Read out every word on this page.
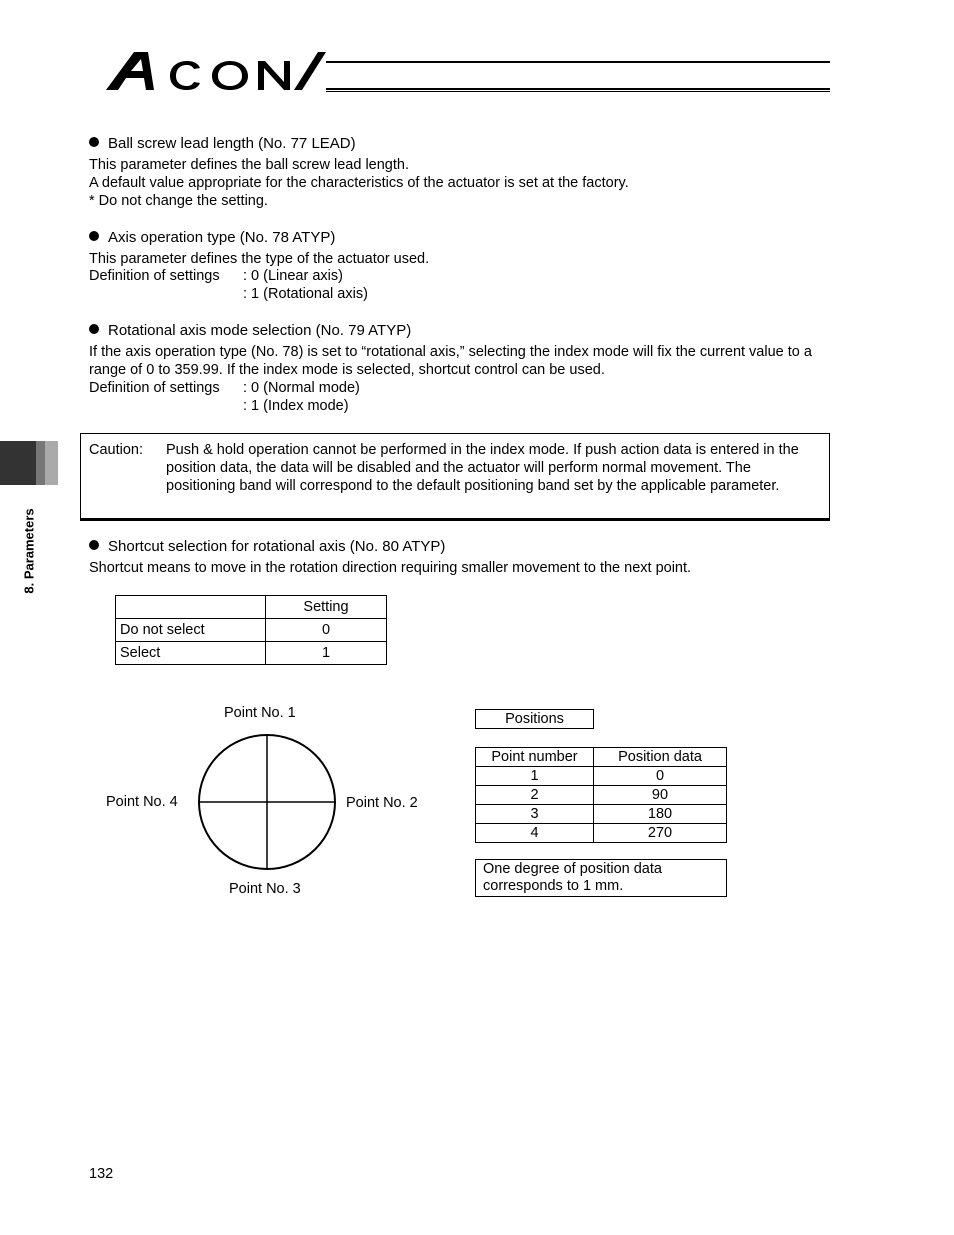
8. Parameters
Ball screw lead length (No. 77 LEAD)
This parameter defines the ball screw lead length.
A default value appropriate for the characteristics of the actuator is set at the factory.
* Do not change the setting.
Axis operation type (No. 78 ATYP)
This parameter defines the type of the actuator used.
Definition of settings : 0 (Linear axis)
: 1 (Rotational axis)
Rotational axis mode selection (No. 79 ATYP)
If the axis operation type (No. 78) is set to “rotational axis,” selecting the index mode will fix the current value to a
range of 0 to 359.99. If the index mode is selected, shortcut control can be used.
Definition of settings : 0 (Normal mode)
: 1 (Index mode)
Caution: Push & hold operation cannot be performed in the index mode. If push action data is entered in the position data, the data will be disabled and the actuator will perform normal movement. The positioning band will correspond to the default positioning band set by the applicable parameter.
Shortcut selection for rotational axis (No. 80 ATYP)
Shortcut means to move in the rotation direction requiring smaller movement to the next point.
	Setting
Do not select	0
Select	1
Point No. 1
Point No. 2
Point No. 3
Point No. 4
Positions
Point number	Position data
1	0
2	90
3	180
4	270
One degree of position data corresponds to 1 mm.
132
